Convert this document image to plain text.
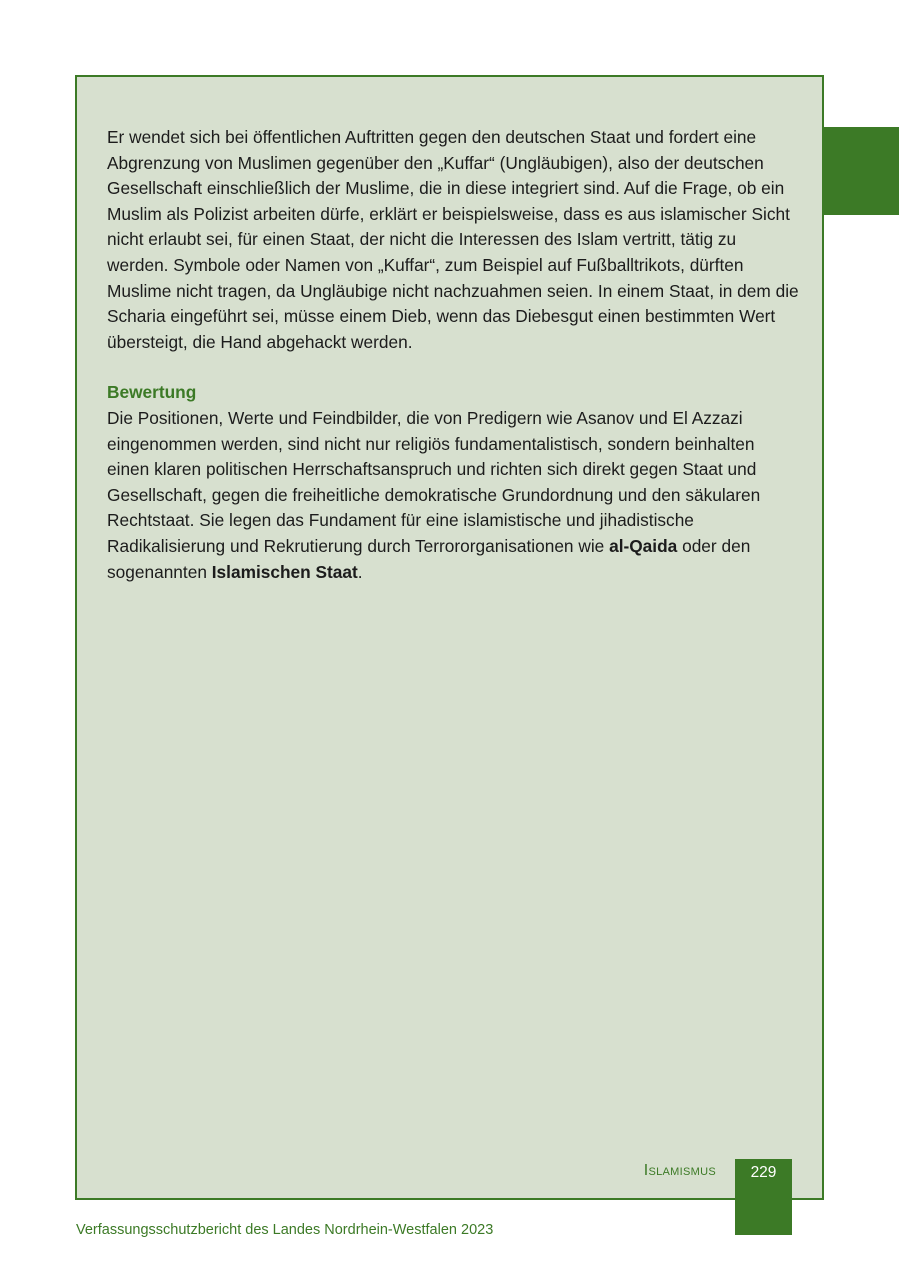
Er wendet sich bei öffentlichen Auftritten gegen den deutschen Staat und fordert eine Abgrenzung von Muslimen gegenüber den „Kuffar“ (Ungläubigen), also der deutschen Gesellschaft einschließlich der Muslime, die in diese integriert sind. Auf die Frage, ob ein Muslim als Polizist arbeiten dürfe, erklärt er beispielsweise, dass es aus islamischer Sicht nicht erlaubt sei, für einen Staat, der nicht die Interessen des Islam vertritt, tätig zu werden. Symbole oder Namen von „Kuffar“, zum Beispiel auf Fußballtrikots, dürften Muslime nicht tragen, da Ungläubige nicht nachzuahmen seien. In einem Staat, in dem die Scharia eingeführt sei, müsse einem Dieb, wenn das Diebesgut einen bestimmten Wert übersteigt, die Hand abgehackt werden.

Bewertung

Die Positionen, Werte und Feindbilder, die von Predigern wie Asanov und El Azzazi eingenommen werden, sind nicht nur religiös fundamentalistisch, sondern beinhalten einen klaren politischen Herrschaftsanspruch und richten sich direkt gegen Staat und Gesellschaft, gegen die freiheitliche demokratische Grundordnung und den säkularen Rechtstaat. Sie legen das Fundament für eine islamistische und jihadistische Radikalisierung und Rekrutierung durch Terrororganisationen wie al-Qaida oder den sogenannten Islamischen Staat.

Islamismus	229
Verfassungsschutzbericht des Landes Nordrhein-Westfalen 2023
